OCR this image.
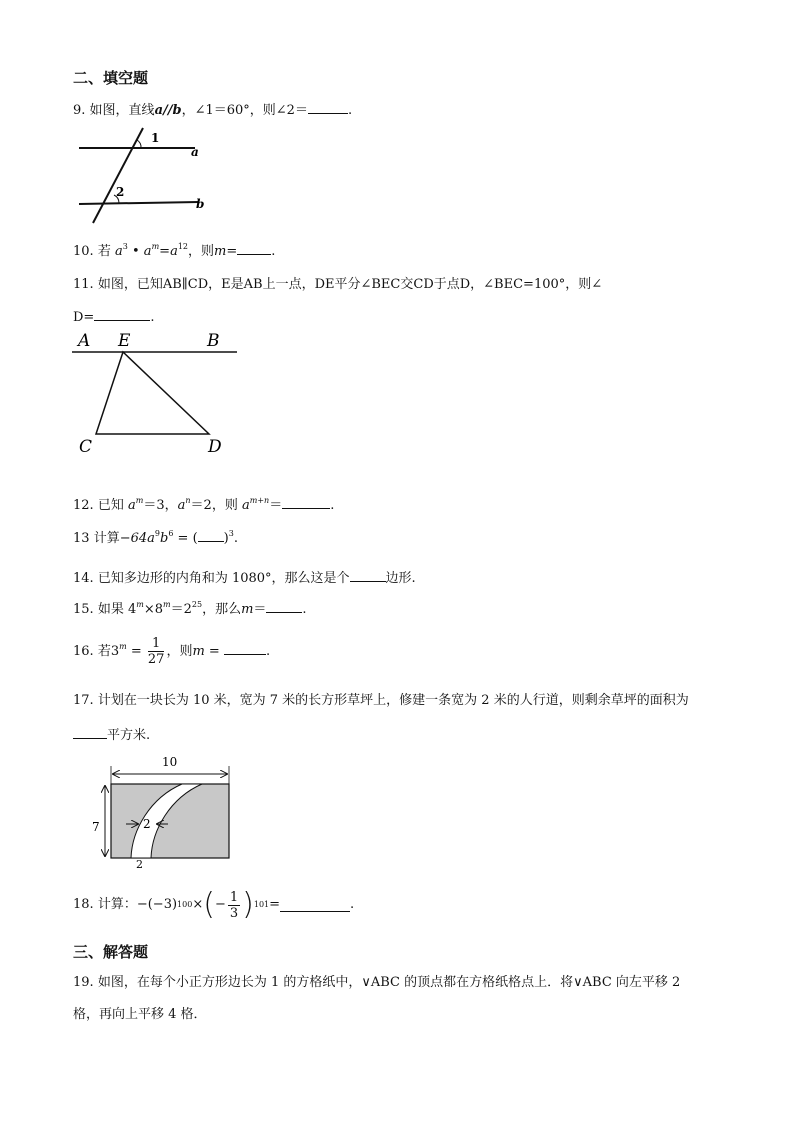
二、填空题
9. 如图，直线a//b，∠1＝60°，则∠2＝	.
1
2
a
b
10. 若 $a^3$ • $a^m=a^{12}$，则m=	.
11. 如图，已知AB∥CD，E是AB上一点，DE平分∠BEC交CD于点D，∠BEC=100°，则∠
D=	.
A E	B
C	D
12. 已知 $a^m=3$，$a^n=2$，则 $a^{m+n}=$	.
13 计算$-64a^9b^6$ = ( )$^3$.
14. 已知多边形的内角和为 1080°，那么这是个	边形.
15. 如果 $4^m\times 8^m=2^{25}$，那么m＝	.
16. 若$3^m = \frac{1}{27}$ ，则m =	.
17. 计划在一块长为 10 米，宽为 7 米的长方形草坪上，修建一条宽为 2 米的人行道，则剩余草坪的面积为
平方米.
10
7	2
2
18.
计算： −(−3) 100 × ( − $\frac{1}{3}$ ) 101 =	.
三、解答题
19. 如图，在每个小正方形边长为 1 的方格纸中，∨ABC 的顶点都在方格纸格点上．将∨ABC 向左平移 2
格，再向上平移 4 格．
